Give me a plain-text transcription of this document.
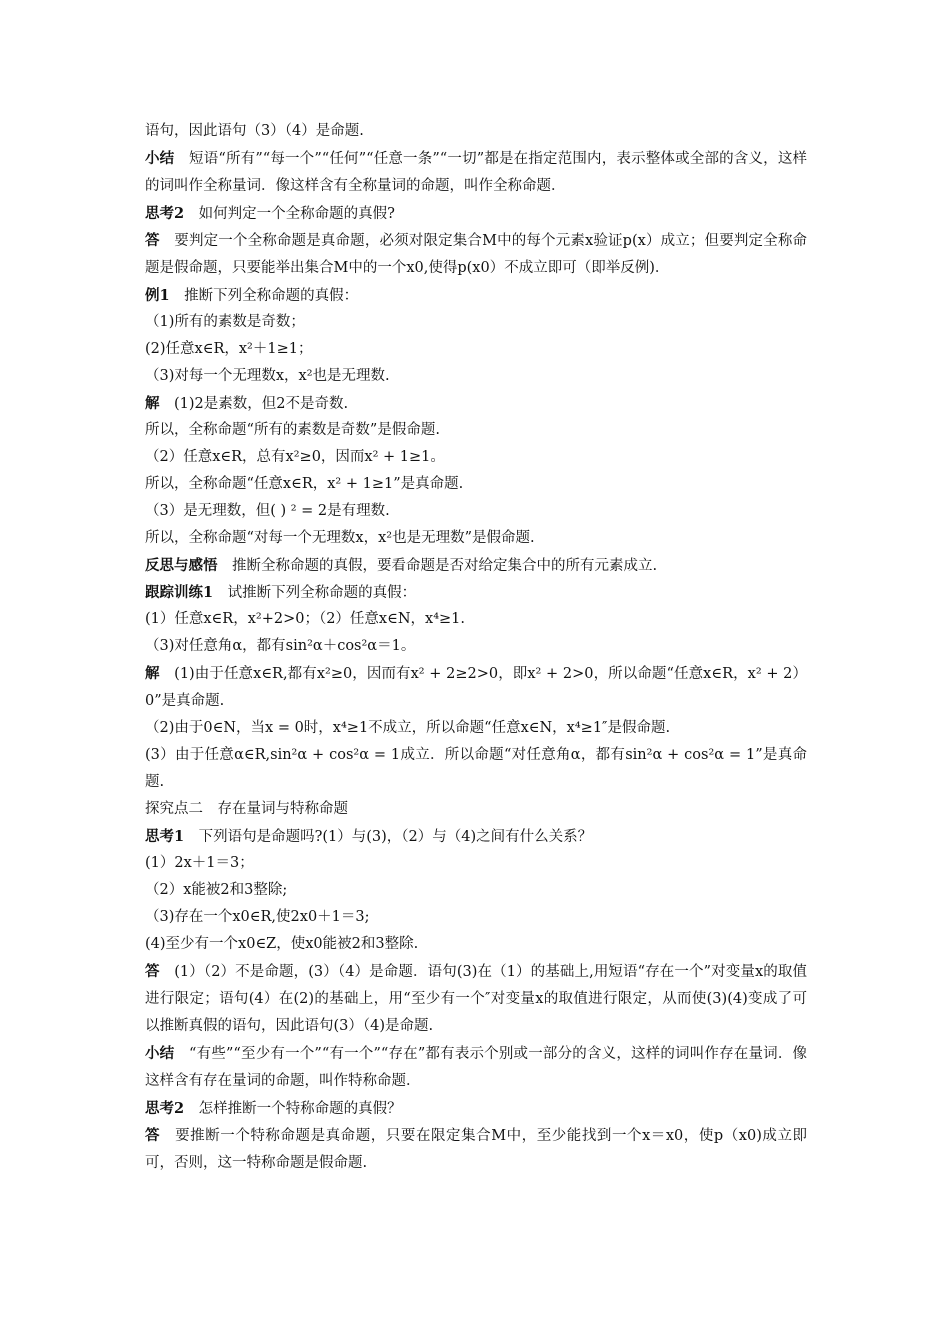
语句，因此语句（3）（4）是命题.
小结　短语“所有”“每一个”“任何”“任意一条”“一切”都是在指定范围内，表示整体或全部的含义，这样的词叫作全称量词．像这样含有全称量词的命题，叫作全称命题．
思考2　如何判定一个全称命题的真假?
答　要判定一个全称命题是真命题，必须对限定集合M中的每个元素x验证p(x）成立；但要判定全称命题是假命题，只要能举出集合M中的一个x0,使得p(x0）不成立即可（即举反例)．
例1　推断下列全称命题的真假：
（1)所有的素数是奇数；
(2)任意x∈R，x²＋1≥1；
（3)对每一个无理数x，x²也是无理数.
解　(1)2是素数，但2不是奇数.
所以，全称命题“所有的素数是奇数”是假命题.
（2）任意x∈R，总有x²≥0，因而x² + 1≥1。
所以，全称命题“任意x∈R，x² + 1≥1”是真命题.
（3）是无理数，但( ) ² = 2是有理数.
所以，全称命题“对每一个无理数x，x²也是无理数”是假命题.
反思与感悟　推断全称命题的真假，要看命题是否对给定集合中的所有元素成立.
跟踪训练1　试推断下列全称命题的真假：
(1）任意x∈R，x²+2>0；（2）任意x∈N，x⁴≥1.
（3)对任意角α，都有sin²α＋cos²α＝1。
解　(1)由于任意x∈R,都有x²≥0，因而有x² + 2≥2>0，即x² + 2>0，所以命题“任意x∈R，x² + 2）0”是真命题.
（2)由于0∈N，当x = 0时，x⁴≥1不成立，所以命题“任意x∈N，x⁴≥1″是假命题.
(3）由于任意α∈R,sin²α + cos²α = 1成立．所以命题“对任意角α，都有sin²α + cos²α = 1”是真命题.
探究点二　存在量词与特称命题
思考1　下列语句是命题吗?(1）与(3)，（2）与（4)之间有什么关系？
(1）2x＋1＝3；
（2）x能被2和3整除;
（3)存在一个x0∈R,使2x0＋1＝3;
(4)至少有一个x0∈Z，使x0能被2和3整除.
答　(1）（2）不是命题，(3）（4）是命题．语句(3)在（1）的基础上,用短语“存在一个”对变量x的取值进行限定；语句(4）在(2)的基础上，用“至少有一个″对变量x的取值进行限定，从而使(3)(4)变成了可以推断真假的语句，因此语句(3）（4)是命题.
小结　“有些”“至少有一个”“有一个”“存在”都有表示个别或一部分的含义，这样的词叫作存在量词．像这样含有存在量词的命题，叫作特称命题．
思考2　怎样推断一个特称命题的真假？
答　要推断一个特称命题是真命题，只要在限定集合M中，至少能找到一个x＝x0，使p（x0)成立即可，否则，这一特称命题是假命题.
